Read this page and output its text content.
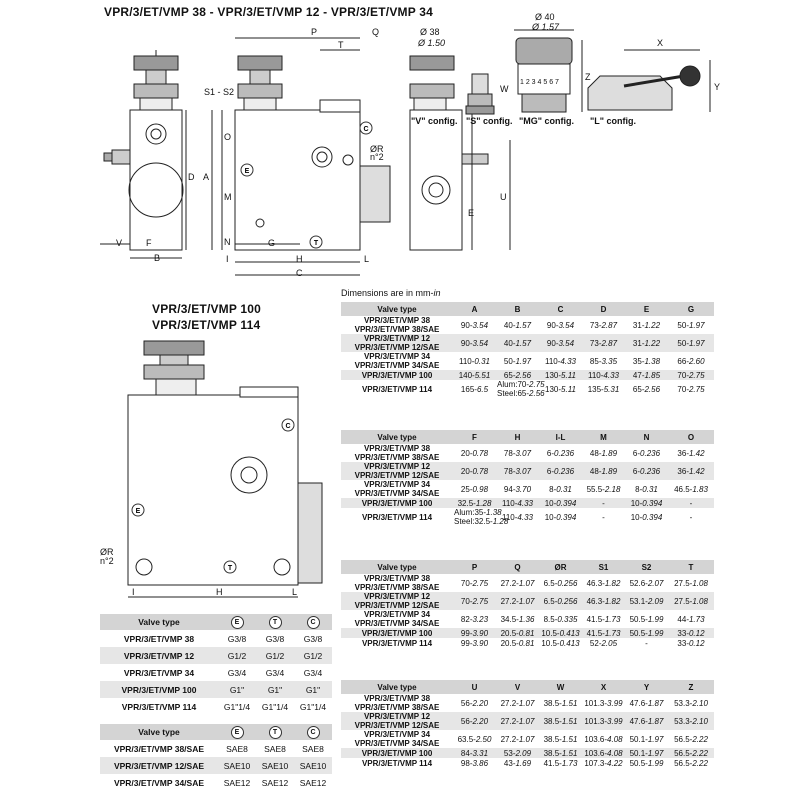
VPR/3/ET/VMP 38 - VPR/3/ET/VMP 12 - VPR/3/ET/VMP 34
VPR/3/ET/VMP 100
VPR/3/ET/VMP 114
Dimensions are in mm-in
P	Q
T
Ø 38
Ø 1.50
Ø 40
Ø 1.57
X
Y
Z
W
S1 - S2
O
A
D
M
N	G
V	F
B	I	H	L
C
E
U
ØR
n°2
1 2 3 4 5 6 7
"V" config. "S" config. "MG" config. "L" config.
C
E
T
ØR
n°2
I	H	L
C
E
T
Valve type	A	B	C	D	E	G

VPR/3/ET/VMP 38
VPR/3/ET/VMP 38/SAE	90-3.54	40-1.57	90-3.54	73-2.87	31-1.22	50-1.97

VPR/3/ET/VMP 12
VPR/3/ET/VMP 12/SAE	90-3.54	40-1.57	90-3.54	73-2.87	31-1.22	50-1.97

VPR/3/ET/VMP 34
VPR/3/ET/VMP 34/SAE	110-0.31	50-1.97	110-4.33	85-3.35	35-1.38	66-2.60

VPR/3/ET/VMP 100	140-5.51	65-2.56	130-5.11	110-4.33	47-1.85	70-2.75

VPR/3/ET/VMP 114	165-6.5	Alum:70-2.75
Steel:65-2.56	130-5.11	135-5.31	65-2.56	70-2.75
Valve type	F	H	I-L	M	N	O

VPR/3/ET/VMP 38
VPR/3/ET/VMP 38/SAE	20-0.78	78-3.07	6-0.236	48-1.89	6-0.236	36-1.42

VPR/3/ET/VMP 12
VPR/3/ET/VMP 12/SAE	20-0.78	78-3.07	6-0.236	48-1.89	6-0.236	36-1.42

VPR/3/ET/VMP 34
VPR/3/ET/VMP 34/SAE	25-0.98	94-3.70	8-0.31	55.5-2.18	8-0.31	46.5-1.83

VPR/3/ET/VMP 100	32.5-1.28	110-4.33	10-0.394	-	10-0.394	-

VPR/3/ET/VMP 114	Alum:35-1.38
Steel:32.5-1.28	110-4.33	10-0.394	-	10-0.394	-
Valve type	P	Q	ØR	S1	S2	T

VPR/3/ET/VMP 38
VPR/3/ET/VMP 38/SAE	70-2.75	27.2-1.07	6.5-0.256	46.3-1.82	52.6-2.07	27.5-1.08

VPR/3/ET/VMP 12
VPR/3/ET/VMP 12/SAE	70-2.75	27.2-1.07	6.5-0.256	46.3-1.82	53.1-2.09	27.5-1.08

VPR/3/ET/VMP 34
VPR/3/ET/VMP 34/SAE	82-3.23	34.5-1.36	8.5-0.335	41.5-1.73	50.5-1.99	44-1.73

VPR/3/ET/VMP 100	99-3.90	20.5-0.81	10.5-0.413	41.5-1.73	50.5-1.99	33-0.12

VPR/3/ET/VMP 114	99-3.90	20.5-0.81	10.5-0.413	52-2.05	-	33-0.12
Valve type	U	V	W	X	Y	Z

VPR/3/ET/VMP 38
VPR/3/ET/VMP 38/SAE	56-2.20	27.2-1.07	38.5-1.51	101.3-3.99	47.6-1.87	53.3-2.10

VPR/3/ET/VMP 12
VPR/3/ET/VMP 12/SAE	56-2.20	27.2-1.07	38.5-1.51	101.3-3.99	47.6-1.87	53.3-2.10

VPR/3/ET/VMP 34
VPR/3/ET/VMP 34/SAE	63.5-2.50	27.2-1.07	38.5-1.51	103.6-4.08	50.1-1.97	56.5-2.22

VPR/3/ET/VMP 100	84-3.31	53-2.09	38.5-1.51	103.6-4.08	50.1-1.97	56.5-2.22

VPR/3/ET/VMP 114	98-3.86	43-1.69	41.5-1.73	107.3-4.22	50.5-1.99	56.5-2.22
Valve type	E	T	C
VPR/3/ET/VMP 38	G3/8	G3/8	G3/8
VPR/3/ET/VMP 12	G1/2	G1/2	G1/2
VPR/3/ET/VMP 34	G3/4	G3/4	G3/4
VPR/3/ET/VMP 100	G1"	G1"	G1"
VPR/3/ET/VMP 114	G1"1/4	G1"1/4	G1"1/4
Valve type	E	T	C
VPR/3/ET/VMP 38/SAE	SAE8	SAE8	SAE8
VPR/3/ET/VMP 12/SAE	SAE10	SAE10	SAE10
VPR/3/ET/VMP 34/SAE	SAE12	SAE12	SAE12
